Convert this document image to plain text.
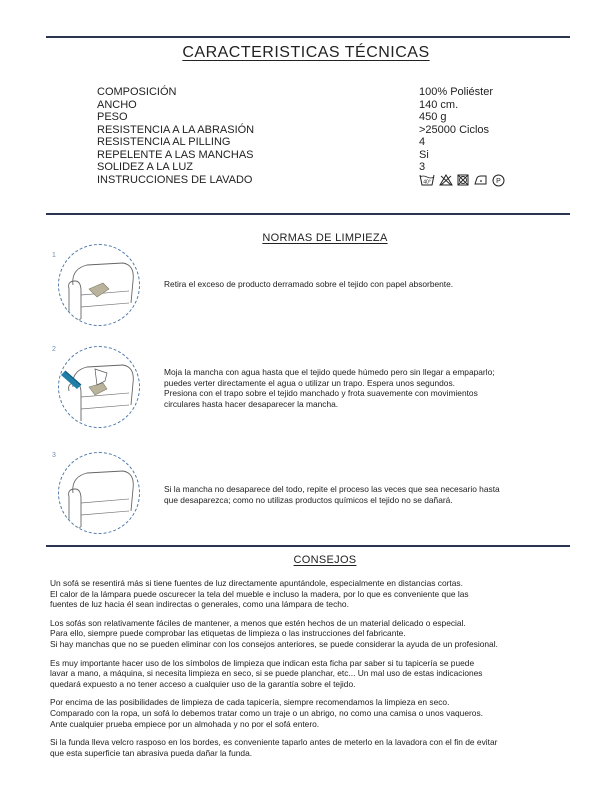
CARACTERISTICAS TÉCNICAS
COMPOSICIÓN	100% Poliéster
ANCHO	140 cm.
PESO	450 g
RESISTENCIA A LA ABRASIÓN	>25000 Ciclos
RESISTENCIA AL PILLING	4
REPELENTE A LAS MANCHAS	Si
SOLIDEZ A LA LUZ	3
INSTRUCCIONES DE LAVADO	40°	P
NORMAS DE LIMPIEZA
1
Retira el exceso de producto derramado sobre el tejido con papel absorbente.
2
Moja la mancha con agua hasta que el tejido quede húmedo pero sin llegar a empaparlo;
puedes verter directamente el agua o utilizar un trapo. Espera unos segundos.
Presiona con el trapo sobre el tejido manchado y frota suavemente con movimientos
circulares hasta hacer desaparecer la mancha.
3
Si la mancha no desaparece del todo, repite el proceso las veces que sea necesario hasta
que desaparezca; como no utilizas productos químicos el tejido no se dañará.
CONSEJOS

Un sofá se resentirá más si tiene fuentes de luz directamente apuntándole, especialmente en distancias cortas.
El calor de la lámpara puede oscurecer la tela del mueble e incluso la madera, por lo que es conveniente que las
fuentes de luz hacia él sean indirectas o generales, como una lámpara de techo.

Los sofás son relativamente fáciles de mantener, a menos que estén hechos de un material delicado o especial.
Para ello, siempre puede comprobar las etiquetas de limpieza o las instrucciones del fabricante.
Si hay manchas que no se pueden eliminar con los consejos anteriores, se puede considerar la ayuda de un profesional.

Es muy importante hacer uso de los símbolos de limpieza que indican esta ficha par saber si tu tapicería se puede
lavar a mano, a máquina, si necesita limpieza en seco, si se puede planchar, etc... Un mal uso de estas indicaciones
quedará expuesto a no tener acceso a cualquier uso de la garantía sobre el tejido.

Por encima de las posibilidades de limpieza de cada tapicería, siempre recomendamos la limpieza en seco.
Comparado con la ropa, un sofá lo debemos tratar como un traje o un abrigo, no como una camisa o unos vaqueros.
Ante cualquier prueba empiece por un almohada y no por el sofá entero.

Si la funda lleva velcro rasposo en los bordes, es conveniente taparlo antes de meterlo en la lavadora con el fin de evitar
que esta superficie tan abrasiva pueda dañar la funda.
